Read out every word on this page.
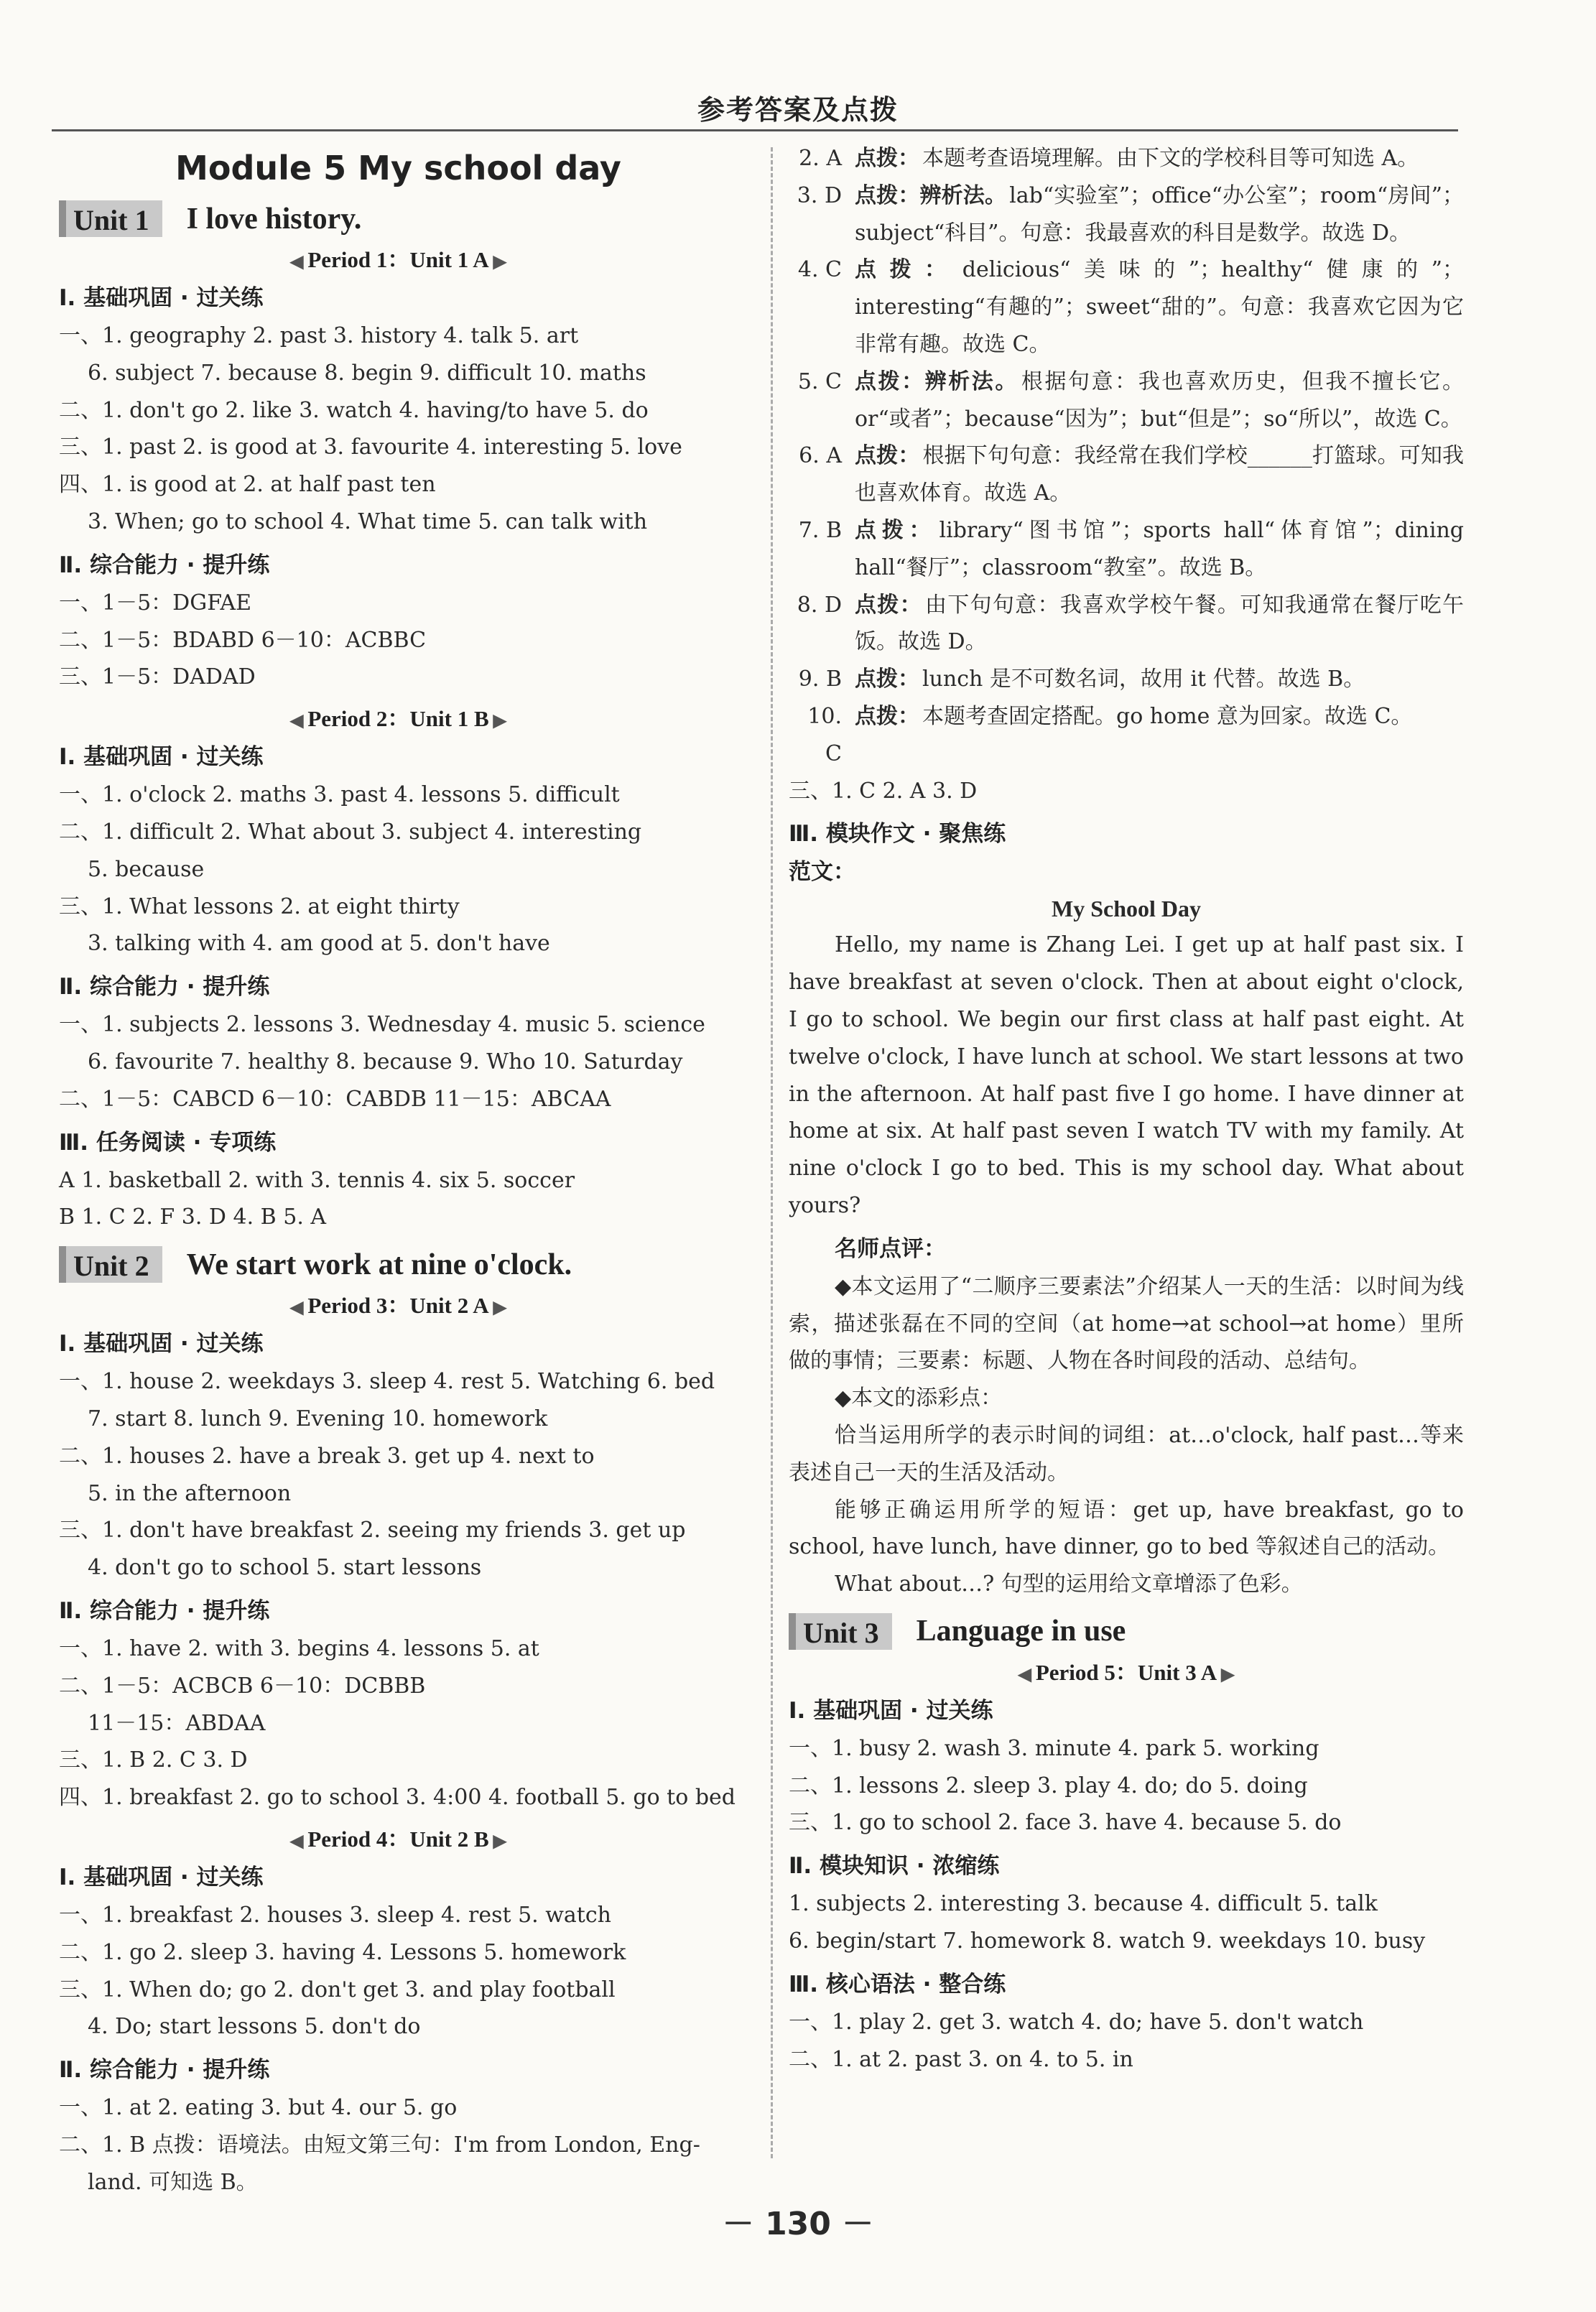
参考答案及点拨
Module 5 My school day
Unit 1	I love history.
◀ Period 1：Unit 1 A ▶
Ⅰ. 基础巩固 · 过关练
一、1. geography 2. past 3. history 4. talk 5. art
6. subject 7. because 8. begin 9. difficult 10. maths
二、1. don't go 2. like 3. watch 4. having/to have 5. do
三、1. past 2. is good at 3. favourite 4. interesting 5. love
四、1. is good at 2. at half past ten
3. When; go to school 4. What time 5. can talk with
Ⅱ. 综合能力 · 提升练
一、1－5：DGFAE
二、1－5：BDABD 6－10：ACBBC
三、1－5：DADAD
◀ Period 2：Unit 1 B ▶
Ⅰ. 基础巩固 · 过关练
一、1. o'clock 2. maths 3. past 4. lessons 5. difficult
二、1. difficult 2. What about 3. subject 4. interesting
5. because
三、1. What lessons 2. at eight thirty
3. talking with 4. am good at 5. don't have
Ⅱ. 综合能力 · 提升练
一、1. subjects 2. lessons 3. Wednesday 4. music 5. science
6. favourite 7. healthy 8. because 9. Who 10. Saturday
二、1－5：CABCD 6－10：CABDB 11－15：ABCAA
Ⅲ. 任务阅读 · 专项练
A 1. basketball 2. with 3. tennis 4. six 5. soccer
B 1. C 2. F 3. D 4. B 5. A
Unit 2	We start work at nine o'clock.
◀ Period 3：Unit 2 A ▶
Ⅰ. 基础巩固 · 过关练
一、1. house 2. weekdays 3. sleep 4. rest 5. Watching 6. bed
7. start 8. lunch 9. Evening 10. homework
二、1. houses 2. have a break 3. get up 4. next to
5. in the afternoon
三、1. don't have breakfast 2. seeing my friends 3. get up
4. don't go to school 5. start lessons
Ⅱ. 综合能力 · 提升练
一、1. have 2. with 3. begins 4. lessons 5. at
二、1－5：ACBCB 6－10：DCBBB
11－15：ABDAA
三、1. B 2. C 3. D
四、1. breakfast 2. go to school 3. 4:00 4. football 5. go to bed
◀ Period 4：Unit 2 B ▶
Ⅰ. 基础巩固 · 过关练
一、1. breakfast 2. houses 3. sleep 4. rest 5. watch
二、1. go 2. sleep 3. having 4. Lessons 5. homework
三、1. When do; go 2. don't get 3. and play football
4. Do; start lessons 5. don't do
Ⅱ. 综合能力 · 提升练
一、1. at 2. eating 3. but 4. our 5. go
二、1. B 点拨：语境法。由短文第三句：I'm from London, Eng-
land. 可知选 B。
2. A 点拨： 本题考查语境理解。由下文的学校科目等可知选 A。
3. D 点拨：辨析法。 lab“实验室”；office“办公室”；room“房间”；subject“科目”。句意：我最喜欢的科目是数学。故选 D。
4. C 点拨： delicious“美味的”；healthy“健康的”；interesting“有趣的”；sweet“甜的”。句意：我喜欢它因为它非常有趣。故选 C。
5. C 点拨：辨析法。 根据句意：我也喜欢历史，但我不擅长它。or“或者”；because“因为”；but“但是”；so“所以”，故选 C。
6. A 点拨： 根据下句句意：我经常在我们学校______打篮球。可知我也喜欢体育。故选 A。
7. B 点拨： library“图书馆”；sports hall“体育馆”；dining hall“餐厅”；classroom“教室”。故选 B。
8. D 点拨： 由下句句意：我喜欢学校午餐。可知我通常在餐厅吃午饭。故选 D。
9. B 点拨： lunch 是不可数名词，故用 it 代替。故选 B。
10. C
点拨： 本题考查固定搭配。go home 意为回家。故选 C。
三、1. C 2. A 3. D
Ⅲ. 模块作文 · 聚焦练
范文：
My School Day
Hello, my name is Zhang Lei. I get up at half past six. I have breakfast at seven o'clock. Then at about eight o'clock, I go to school. We begin our first class at half past eight. At twelve o'clock, I have lunch at school. We start lessons at two in the afternoon. At half past five I go home. I have dinner at home at six. At half past seven I watch TV with my family. At nine o'clock I go to bed. This is my school day. What about yours?
名师点评：
◆本文运用了“二顺序三要素法”介绍某人一天的生活：以时间为线索，描述张磊在不同的空间（at home→at school→at home）里所做的事情；三要素：标题、人物在各时间段的活动、总结句。
◆本文的添彩点：
恰当运用所学的表示时间的词组：at…o'clock, half past…等来表述自己一天的生活及活动。
能够正确运用所学的短语：get up, have breakfast, go to school, have lunch, have dinner, go to bed 等叙述自己的活动。
What about…? 句型的运用给文章增添了色彩。
Unit 3	Language in use
◀ Period 5：Unit 3 A ▶
Ⅰ. 基础巩固 · 过关练
一、1. busy 2. wash 3. minute 4. park 5. working
二、1. lessons 2. sleep 3. play 4. do; do 5. doing
三、1. go to school 2. face 3. have 4. because 5. do
Ⅱ. 模块知识 · 浓缩练
1. subjects 2. interesting 3. because 4. difficult 5. talk
6. begin/start 7. homework 8. watch 9. weekdays 10. busy
Ⅲ. 核心语法 · 整合练
一、1. play 2. get 3. watch 4. do; have 5. don't watch
二、1. at 2. past 3. on 4. to 5. in
－ 130 －
